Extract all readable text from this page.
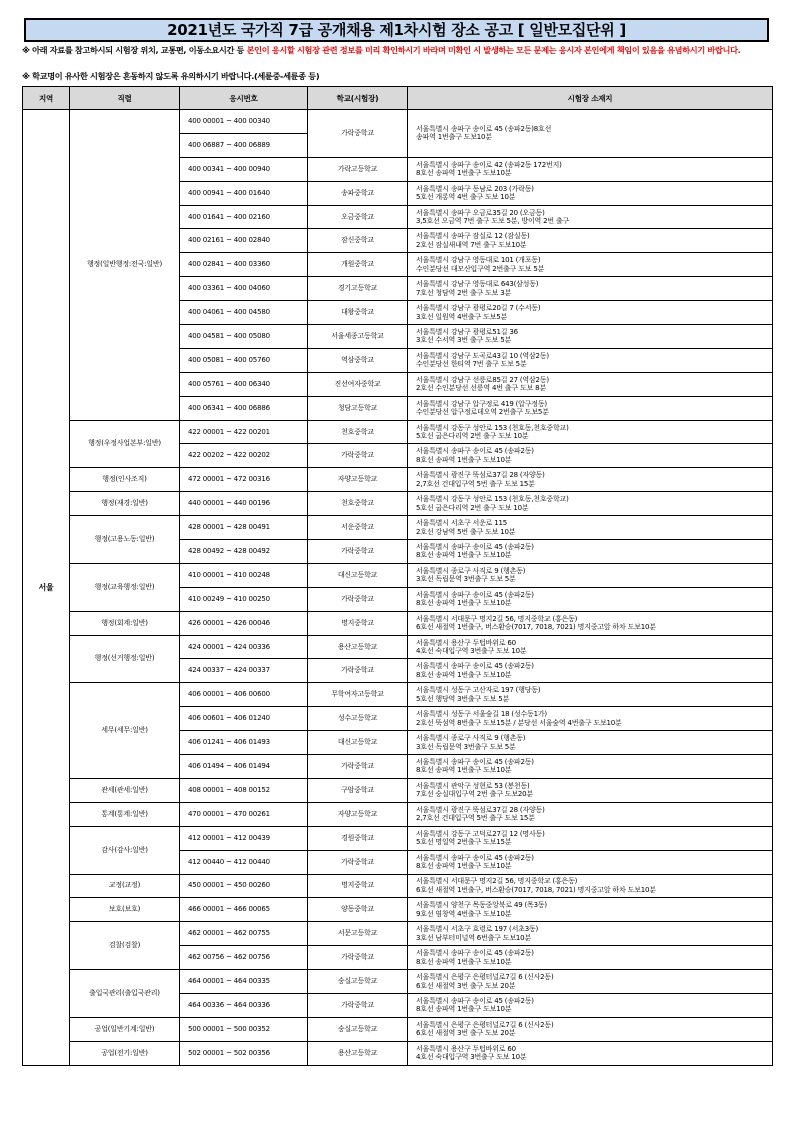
2021년도 국가직 7급 공개채용 제1차시험 장소 공고 [ 일반모집단위 ]
※ 아래 자료를 참고하시되 시험장 위치, 교통편, 이동소요시간 등 본인이 응시할 시험장 관련 정보를 미리 확인하시기 바라며 미확인 시 발생하는 모든 문제는 응시자 본인에게 책임이 있음을 유념하시기 바랍니다.
※ 학교명이 유사한 시험장은 혼동하지 않도록 유의하시기 바랍니다.(세륜중-세륜종 등)
지역	직렬	응시번호	학교(시험장)	시험장 소재지
서울	행정(일반행정:전국:일반)	400 00001 ~ 400 00340	가락중학교	서울특별시 송파구 송이로 45 (송파2동)8호선
송파역 1번출구 도보10분
		400 06887 ~ 400 06889		
		400 00341 ~ 400 00940	가락고등학교	서울특별시 송파구 송이로 42 (송파2동 172번지)
8호선 송파역 1번출구 도보10분
		400 00941 ~ 400 01640	송파중학교	서울특별시 송파구 동남로 203 (가락동)
5호선 개롱역 4번 출구 도보 10분
		400 01641 ~ 400 02160	오금중학교	서울특별시 송파구 오금로35길 20 (오금동)
3,5호선 오금역 7번 출구 도보 5분, 방이역 2번 출구
		400 02161 ~ 400 02840	잠신중학교	서울특별시 송파구 잠실로 12 (잠실동)
2호선 잠실새내역 7번 출구 도보10분
		400 02841 ~ 400 03360	개원중학교	서울특별시 강남구 영동대로 101 (개포동)
수인분당선 대모산입구역 2번출구 도보 5분
		400 03361 ~ 400 04060	경기고등학교	서울특별시 강남구 영동대로 643(삼성동)
7호선 청담역 2번 출구 도보 3분
		400 04061 ~ 400 04580	대왕중학교	서울특별시 강남구 광평로20길 7 (수서동)
3호선 일원역 4번출구 도보5분
		400 04581 ~ 400 05080	서울세종고등학교	서울특별시 강남구 광평로51길 36
3호선 수서역 3번 출구 도보 5분
		400 05081 ~ 400 05760	역삼중학교	서울특별시 강남구 도곡로43길 10 (역삼2동)
수인분당선 한티역 7번 출구 도보 5분
		400 05761 ~ 400 06340	진선여자중학교	서울특별시 강남구 선릉로85길 27 (역삼2동)
2호선 수인분당선 선릉역 4번 출구 도보 8분
		400 06341 ~ 400 06886	청담고등학교	서울특별시 강남구 압구정로 419 (압구정동)
수인분당선 압구정로데오역 2번출구 도보5분
	행정(우정사업본부:일반)	422 00001 ~ 422 00201	천호중학교	서울특별시 강동구 성안로 153 (천호동,천호중학교)
5호선 굽은다리역 2번 출구 도보 10분
		422 00202 ~ 422 00202	가락중학교	서울특별시 송파구 송이로 45 (송파2동)
8호선 송파역 1번출구 도보10분
	행정(인사조직)	472 00001 ~ 472 00316	자양고등학교	서울특별시 광진구 뚝섬로37길 28 (자양동)
2,7호선 건대입구역 5번 출구 도보 15분
	행정(재경:일반)	440 00001 ~ 440 00196	천호중학교	서울특별시 강동구 성안로 153 (천호동,천호중학교)
5호선 굽은다리역 2번 출구 도보 10분
	행정(고용노동:일반)	428 00001 ~ 428 00491	서운중학교	서울특별시 서초구 서운로 115
2호선 강남역 5번 출구 도보 10분
		428 00492 ~ 428 00492	가락중학교	서울특별시 송파구 송이로 45 (송파2동)
8호선 송파역 1번출구 도보10분
	행정(교육행정:일반)	410 00001 ~ 410 00248	대신고등학교	서울특별시 종로구 사직로 9 (행촌동)
3호선 독립문역 3번출구 도보 5분
		410 00249 ~ 410 00250	가락중학교	서울특별시 송파구 송이로 45 (송파2동)
8호선 송파역 1번출구 도보10분
	행정(회계:일반)	426 00001 ~ 426 00046	명지중학교	서울특별시 서대문구 명지2길 56, 명지중학교 (홍은동)
6호선 새절역 1번출구, 버스환승(7017, 7018, 7021) 명지중고앞 하차 도보10분
	행정(선거행정:일반)	424 00001 ~ 424 00336	용산고등학교	서울특별시 용산구 두텁바위로 60
4호선 숙대입구역 3번출구 도보 10분
		424 00337 ~ 424 00337	가락중학교	서울특별시 송파구 송이로 45 (송파2동)
8호선 송파역 1번출구 도보10분
	세무(세무:일반)	406 00001 ~ 406 00600	무학여자고등학교	서울특별시 성동구 고산자로 197 (행당동)
5호선 행당역 3번출구 도보 5분
		406 00601 ~ 406 01240	성수고등학교	서울특별시 성동구 서울숲길 18 (성수동1가)
2호선 뚝섬역 8번출구 도보15분 / 분당선 서울숲역 4번출구 도보10분
		406 01241 ~ 406 01493	대신고등학교	서울특별시 종로구 사직로 9 (행촌동)
3호선 독립문역 3번출구 도보 5분
		406 01494 ~ 406 01494	가락중학교	서울특별시 송파구 송이로 45 (송파2동)
8호선 송파역 1번출구 도보10분
	관세(관세:일반)	408 00001 ~ 408 00152	구암중학교	서울특별시 관악구 성현로 53 (봉천동)
7호선 숭실대입구역 2번 출구 도보20분
	통계(통계:일반)	470 00001 ~ 470 00261	자양고등학교	서울특별시 광진구 뚝섬로37길 28 (자양동)
2,7호선 건대입구역 5번 출구 도보 15분
	감사(감사:일반)	412 00001 ~ 412 00439	경원중학교	서울특별시 강동구 고덕로27길 12 (명사동)
5호선 명일역 2번출구 도보15분
		412 00440 ~ 412 00440	가락중학교	서울특별시 송파구 송이로 45 (송파2동)
8호선 송파역 1번출구 도보10분
	교정(교정)	450 00001 ~ 450 00260	명지중학교	서울특별시 서대문구 명지2길 56, 명지중학교 (홍은동)
6호선 새절역 1번출구, 버스환승(7017, 7018, 7021) 명지중고앞 하차 도보10분
	보호(보호)	466 00001 ~ 466 00065	양동중학교	서울특별시 양천구 목동중앙북로 49 (목3동)
9호선 염창역 4번출구 도보10분
	검찰(검찰)	462 00001 ~ 462 00755	서문고등학교	서울특별시 서초구 효령로 197 (서초3동)
3호선 남부터미널역 6번출구 도보10분
		462 00756 ~ 462 00756	가락중학교	서울특별시 송파구 송이로 45 (송파2동)
8호선 송파역 1번출구 도보10분
	출입국관리(출입국관리)	464 00001 ~ 464 00335	숭실고등학교	서울특별시 은평구 은평터널로7길 6 (신사2동)
6호선 새절역 3번 출구 도보 20분
		464 00336 ~ 464 00336	가락중학교	서울특별시 송파구 송이로 45 (송파2동)
8호선 송파역 1번출구 도보10분
	공업(일반기계:일반)	500 00001 ~ 500 00352	숭실고등학교	서울특별시 은평구 은평터널로7길 6 (신사2동)
6호선 새절역 3번 출구 도보 20분
	공업(전기:일반)	502 00001 ~ 502 00356	용산고등학교	서울특별시 용산구 두텁바위로 60
4호선 숙대입구역 3번출구 도보 10분
